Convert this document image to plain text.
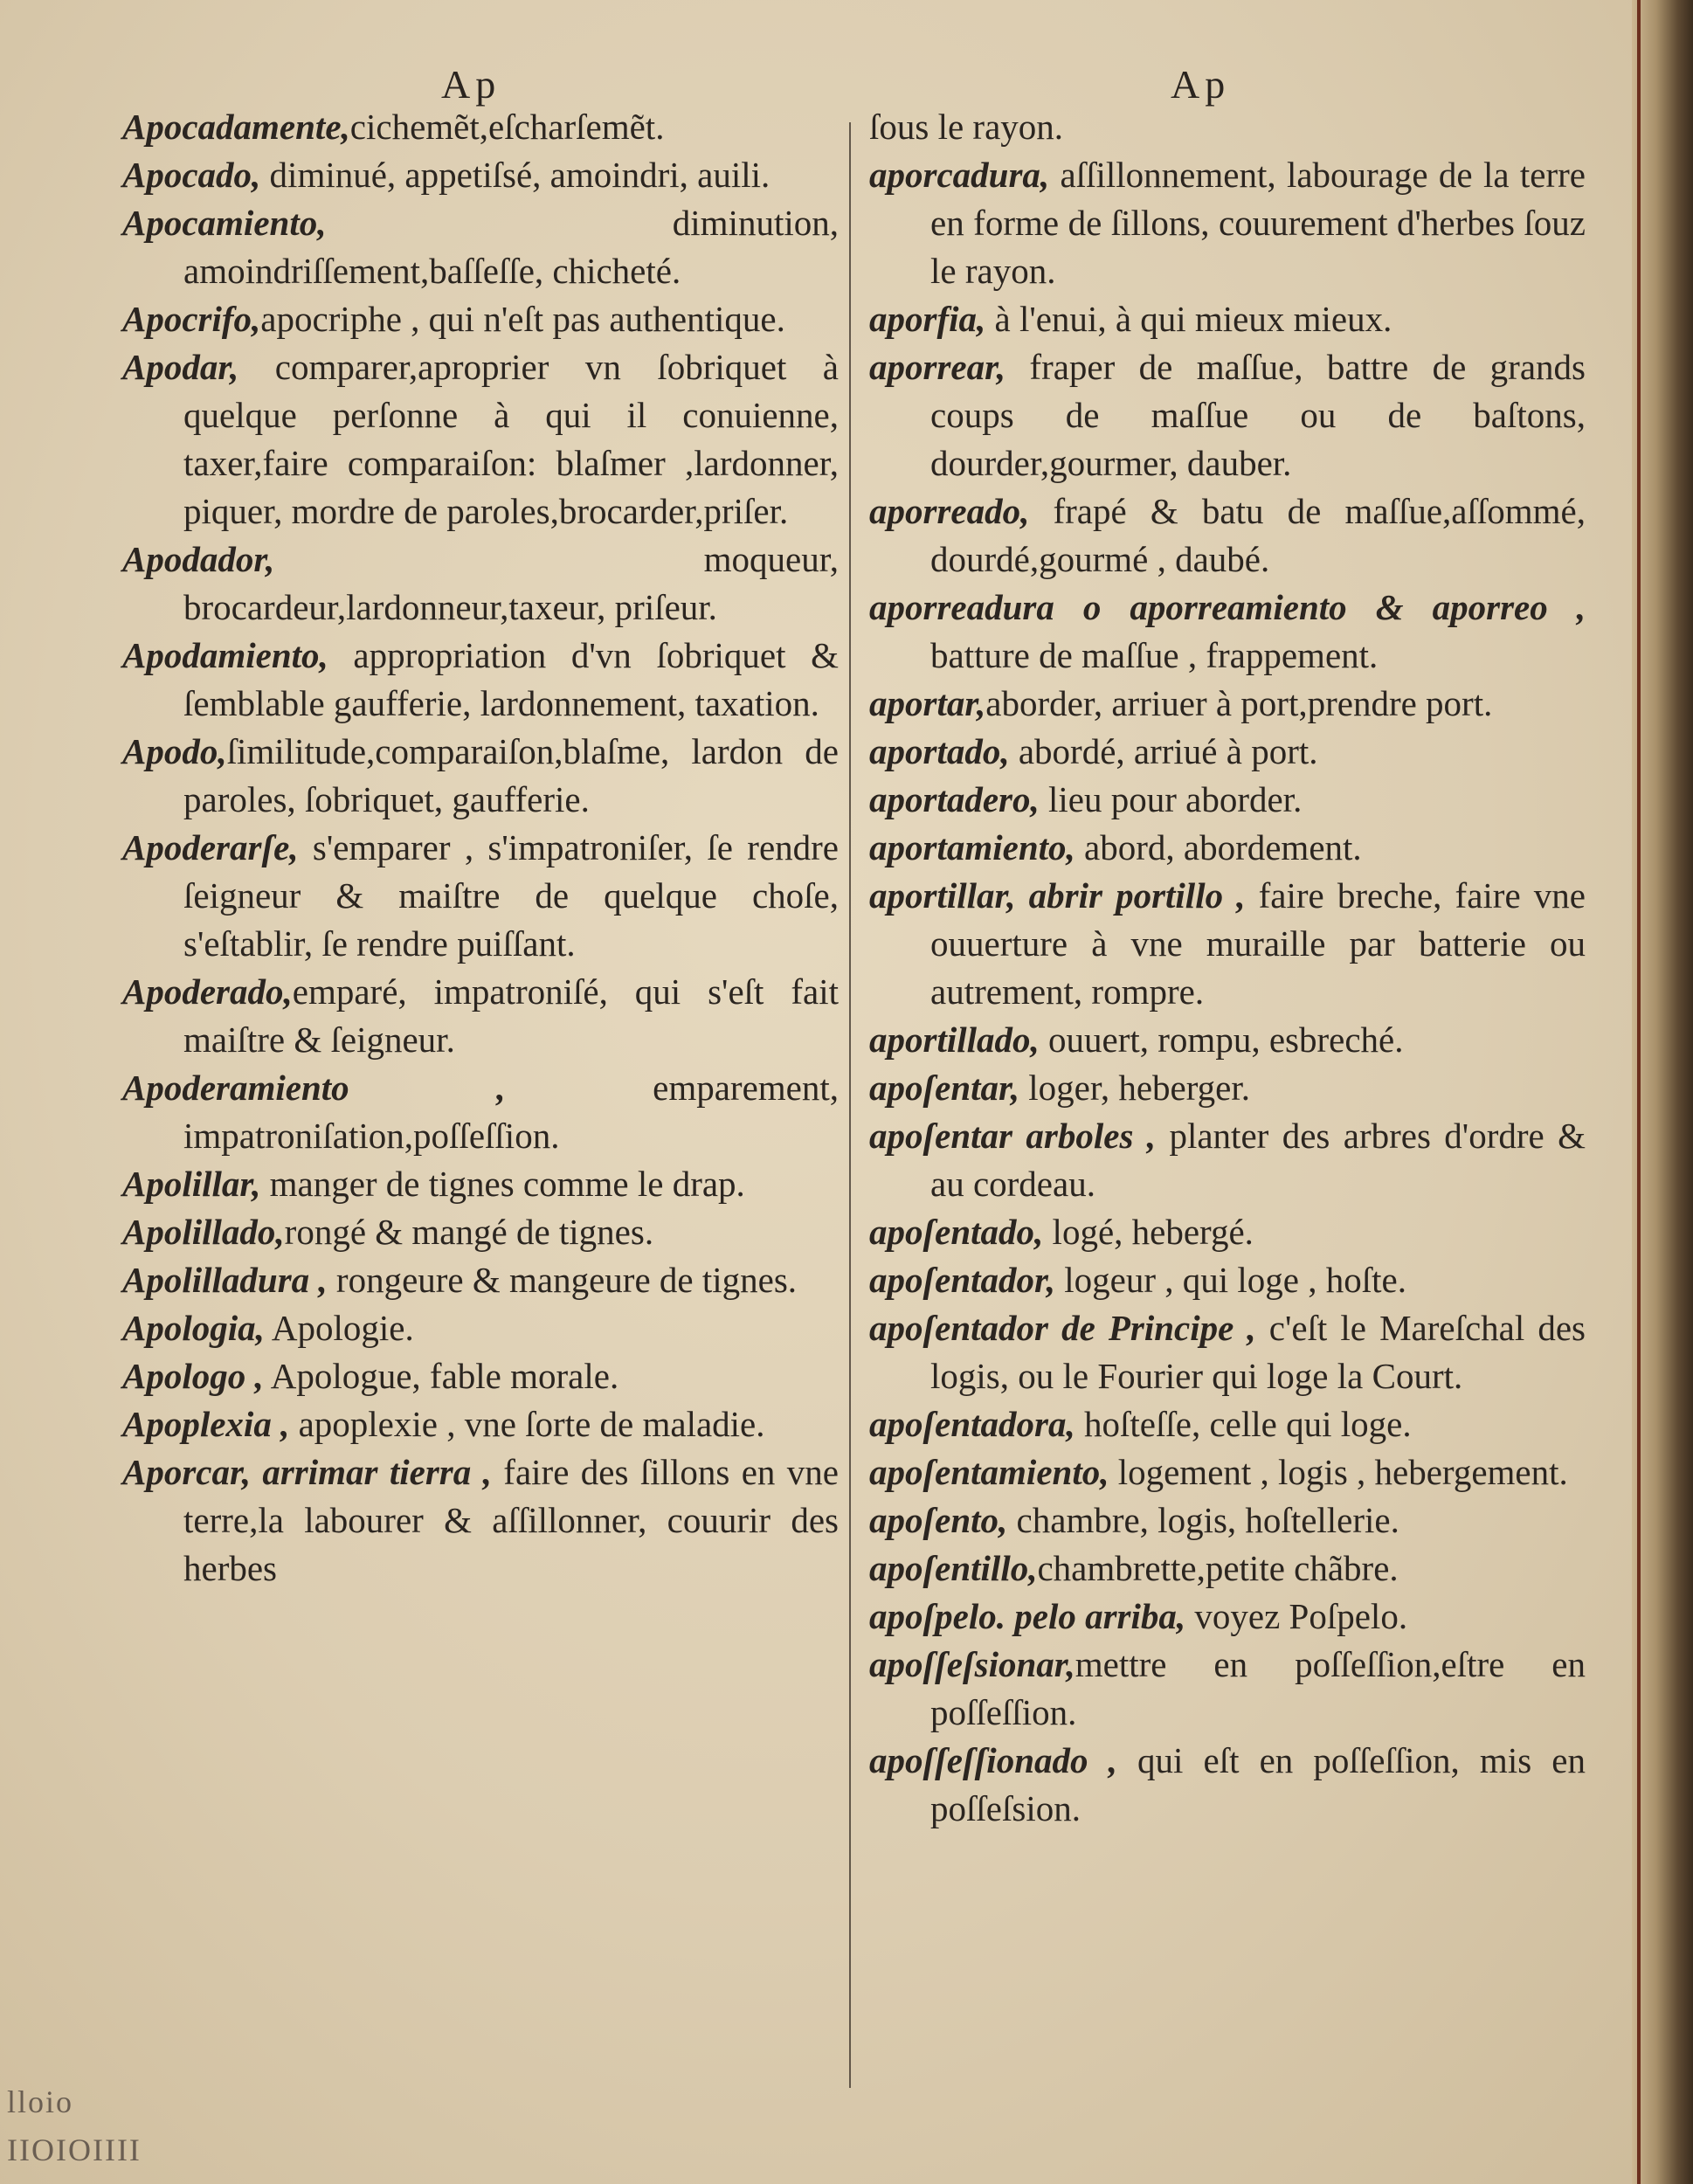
Ap	Ap
Apocadamente,cichemẽt,eſcharſemẽt.
Apocado, diminué, appetiſsé, amoindri, auili.
Apocamiento, diminution, amoindriſſement,baſſeſſe, chicheté.
Apocrifo,apocriphe , qui n'eſt pas authentique.
Apodar, comparer,aproprier vn ſobriquet à quelque perſonne à qui il conuienne, taxer,faire comparaiſon: blaſmer ,lardonner, piquer, mordre de paroles,brocarder,priſer.
Apodador, moqueur, brocardeur,lardonneur,taxeur, priſeur.
Apodamiento, appropriation d'vn ſobriquet & ſemblable gaufferie, lardonnement, taxation.
Apodo,ſimilitude,comparaiſon,blaſme, lardon de paroles, ſobriquet, gaufferie.
Apoderarſe, s'emparer , s'impatroniſer, ſe rendre ſeigneur & maiſtre de quelque choſe, s'eſtablir, ſe rendre puiſſant.
Apoderado,emparé, impatroniſé, qui s'eſt fait maiſtre & ſeigneur.
Apoderamiento , emparement, impatroniſation,poſſeſſion.
Apolillar, manger de tignes comme le drap.
Apolillado,rongé & mangé de tignes.
Apolilladura , rongeure & mangeure de tignes.
Apologia, Apologie.
Apologo , Apologue, fable morale.
Apoplexia , apoplexie , vne ſorte de maladie.
Aporcar, arrimar tierra , faire des ſillons en vne terre,la labourer & aſſillonner, couurir des herbes
ſous le rayon.
aporcadura, aſſillonnement, labourage de la terre en forme de ſillons, couurement d'herbes ſouz le rayon.
aporfia, à l'enui, à qui mieux mieux.
aporrear, fraper de maſſue, battre de grands coups de maſſue ou de baſtons, dourder,gourmer, dauber.
aporreado, frapé & batu de maſſue,aſſommé, dourdé,gourmé , daubé.
aporreadura o aporreamiento & aporreo , batture de maſſue , frappement.
aportar,aborder, arriuer à port,prendre port.
aportado, abordé, arriué à port.
aportadero, lieu pour aborder.
aportamiento, abord, abordement.
aportillar, abrir portillo , faire breche, faire vne ouuerture à vne muraille par batterie ou autrement, rompre.
aportillado, ouuert, rompu, esbreché.
apoſentar, loger, heberger.
apoſentar arboles , planter des arbres d'ordre & au cordeau.
apoſentado, logé, hebergé.
apoſentador, logeur , qui loge , hoſte.
apoſentador de Principe , c'eſt le Mareſchal des logis, ou le Fourier qui loge la Court.
apoſentadora, hoſteſſe, celle qui loge.
apoſentamiento, logement , logis , hebergement.
apoſento, chambre, logis, hoſtellerie.
apoſentillo,chambrette,petite chãbre.
apoſpelo. pelo arriba, voyez Poſpelo.
apoſſeſsionar,mettre en poſſeſſion,eſtre en poſſeſſion.
apoſſeſſionado , qui eſt en poſſeſſion, mis en poſſeſsion.
lloio
IIOIOIIII
